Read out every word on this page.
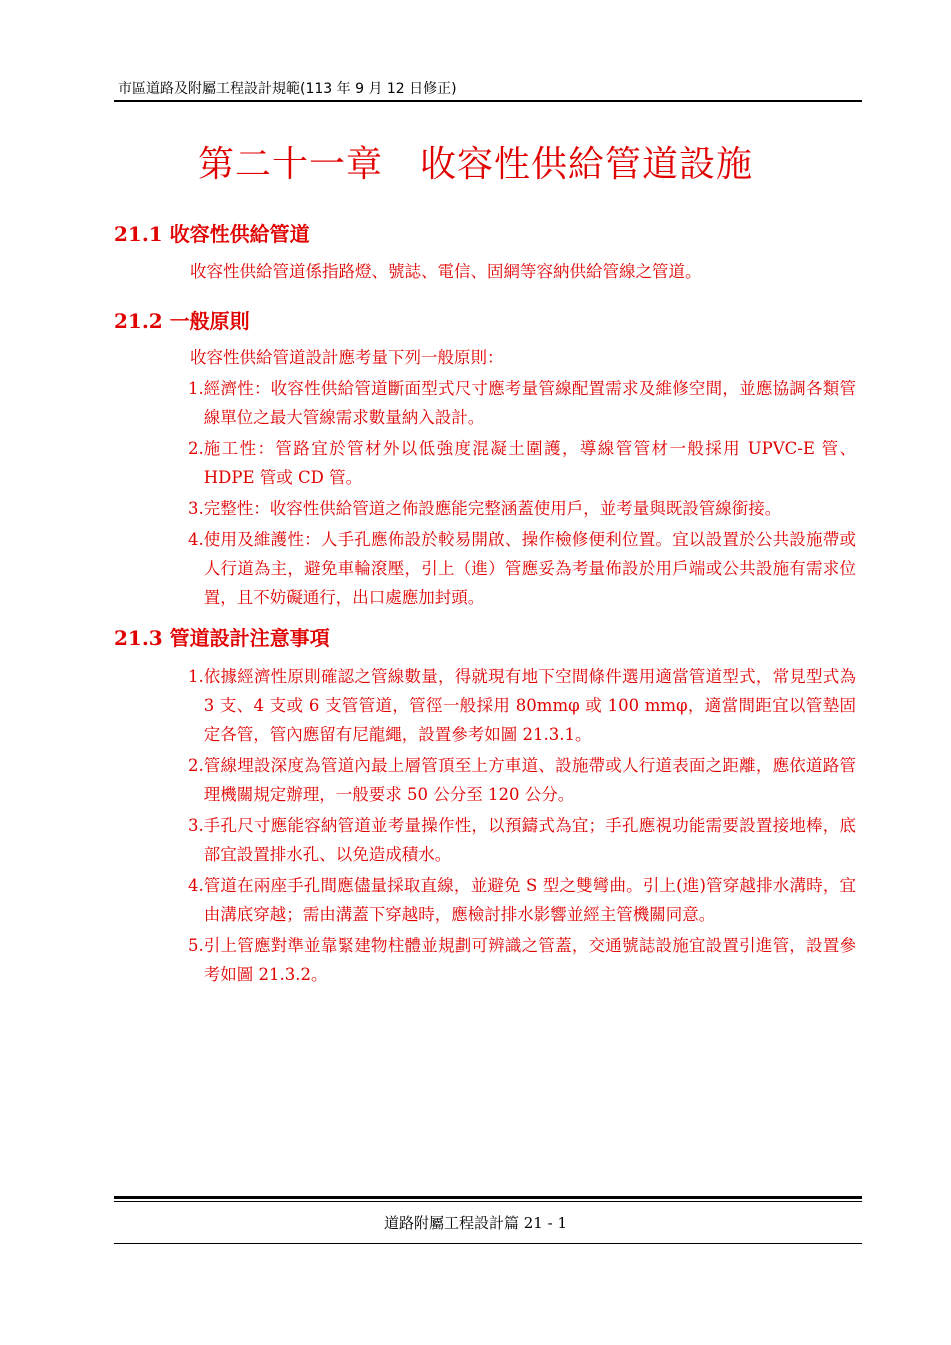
市區道路及附屬工程設計規範(113 年 9 月 12 日修正)
第二十一章　收容性供給管道設施
21.1 收容性供給管道
收容性供給管道係指路燈、號誌、電信、固網等容納供給管線之管道。
21.2 一般原則
收容性供給管道設計應考量下列一般原則：
1. 經濟性：收容性供給管道斷面型式尺寸應考量管線配置需求及維修空間，並應協調各類管線單位之最大管線需求數量納入設計。
2. 施工性：管路宜於管材外以低強度混凝土圍護，導線管管材一般採用 UPVC-E 管、HDPE 管或 CD 管。
3. 完整性：收容性供給管道之佈設應能完整涵蓋使用戶，並考量與既設管線銜接。
4. 使用及維護性：人手孔應佈設於較易開啟、操作檢修便利位置。宜以設置於公共設施帶或人行道為主，避免車輪滾壓，引上（進）管應妥為考量佈設於用戶端或公共設施有需求位置，且不妨礙通行，出口處應加封頭。
21.3 管道設計注意事項
1. 依據經濟性原則確認之管線數量，得就現有地下空間條件選用適當管道型式，常見型式為 3 支、4 支或 6 支管管道，管徑一般採用 80mmφ 或 100 mmφ，適當間距宜以管墊固定各管，管內應留有尼龍繩，設置參考如圖 21.3.1。
2. 管線埋設深度為管道內最上層管頂至上方車道、設施帶或人行道表面之距離，應依道路管理機關規定辦理，一般要求 50 公分至 120 公分。
3. 手孔尺寸應能容納管道並考量操作性，以預鑄式為宜；手孔應視功能需要設置接地棒，底部宜設置排水孔、以免造成積水。
4. 管道在兩座手孔間應儘量採取直線，並避免 S 型之雙彎曲。引上(進)管穿越排水溝時，宜由溝底穿越；需由溝蓋下穿越時，應檢討排水影響並經主管機關同意。
5. 引上管應對準並靠緊建物柱體並規劃可辨識之管蓋，交通號誌設施宜設置引進管，設置參考如圖 21.3.2。
道路附屬工程設計篇 21 - 1
